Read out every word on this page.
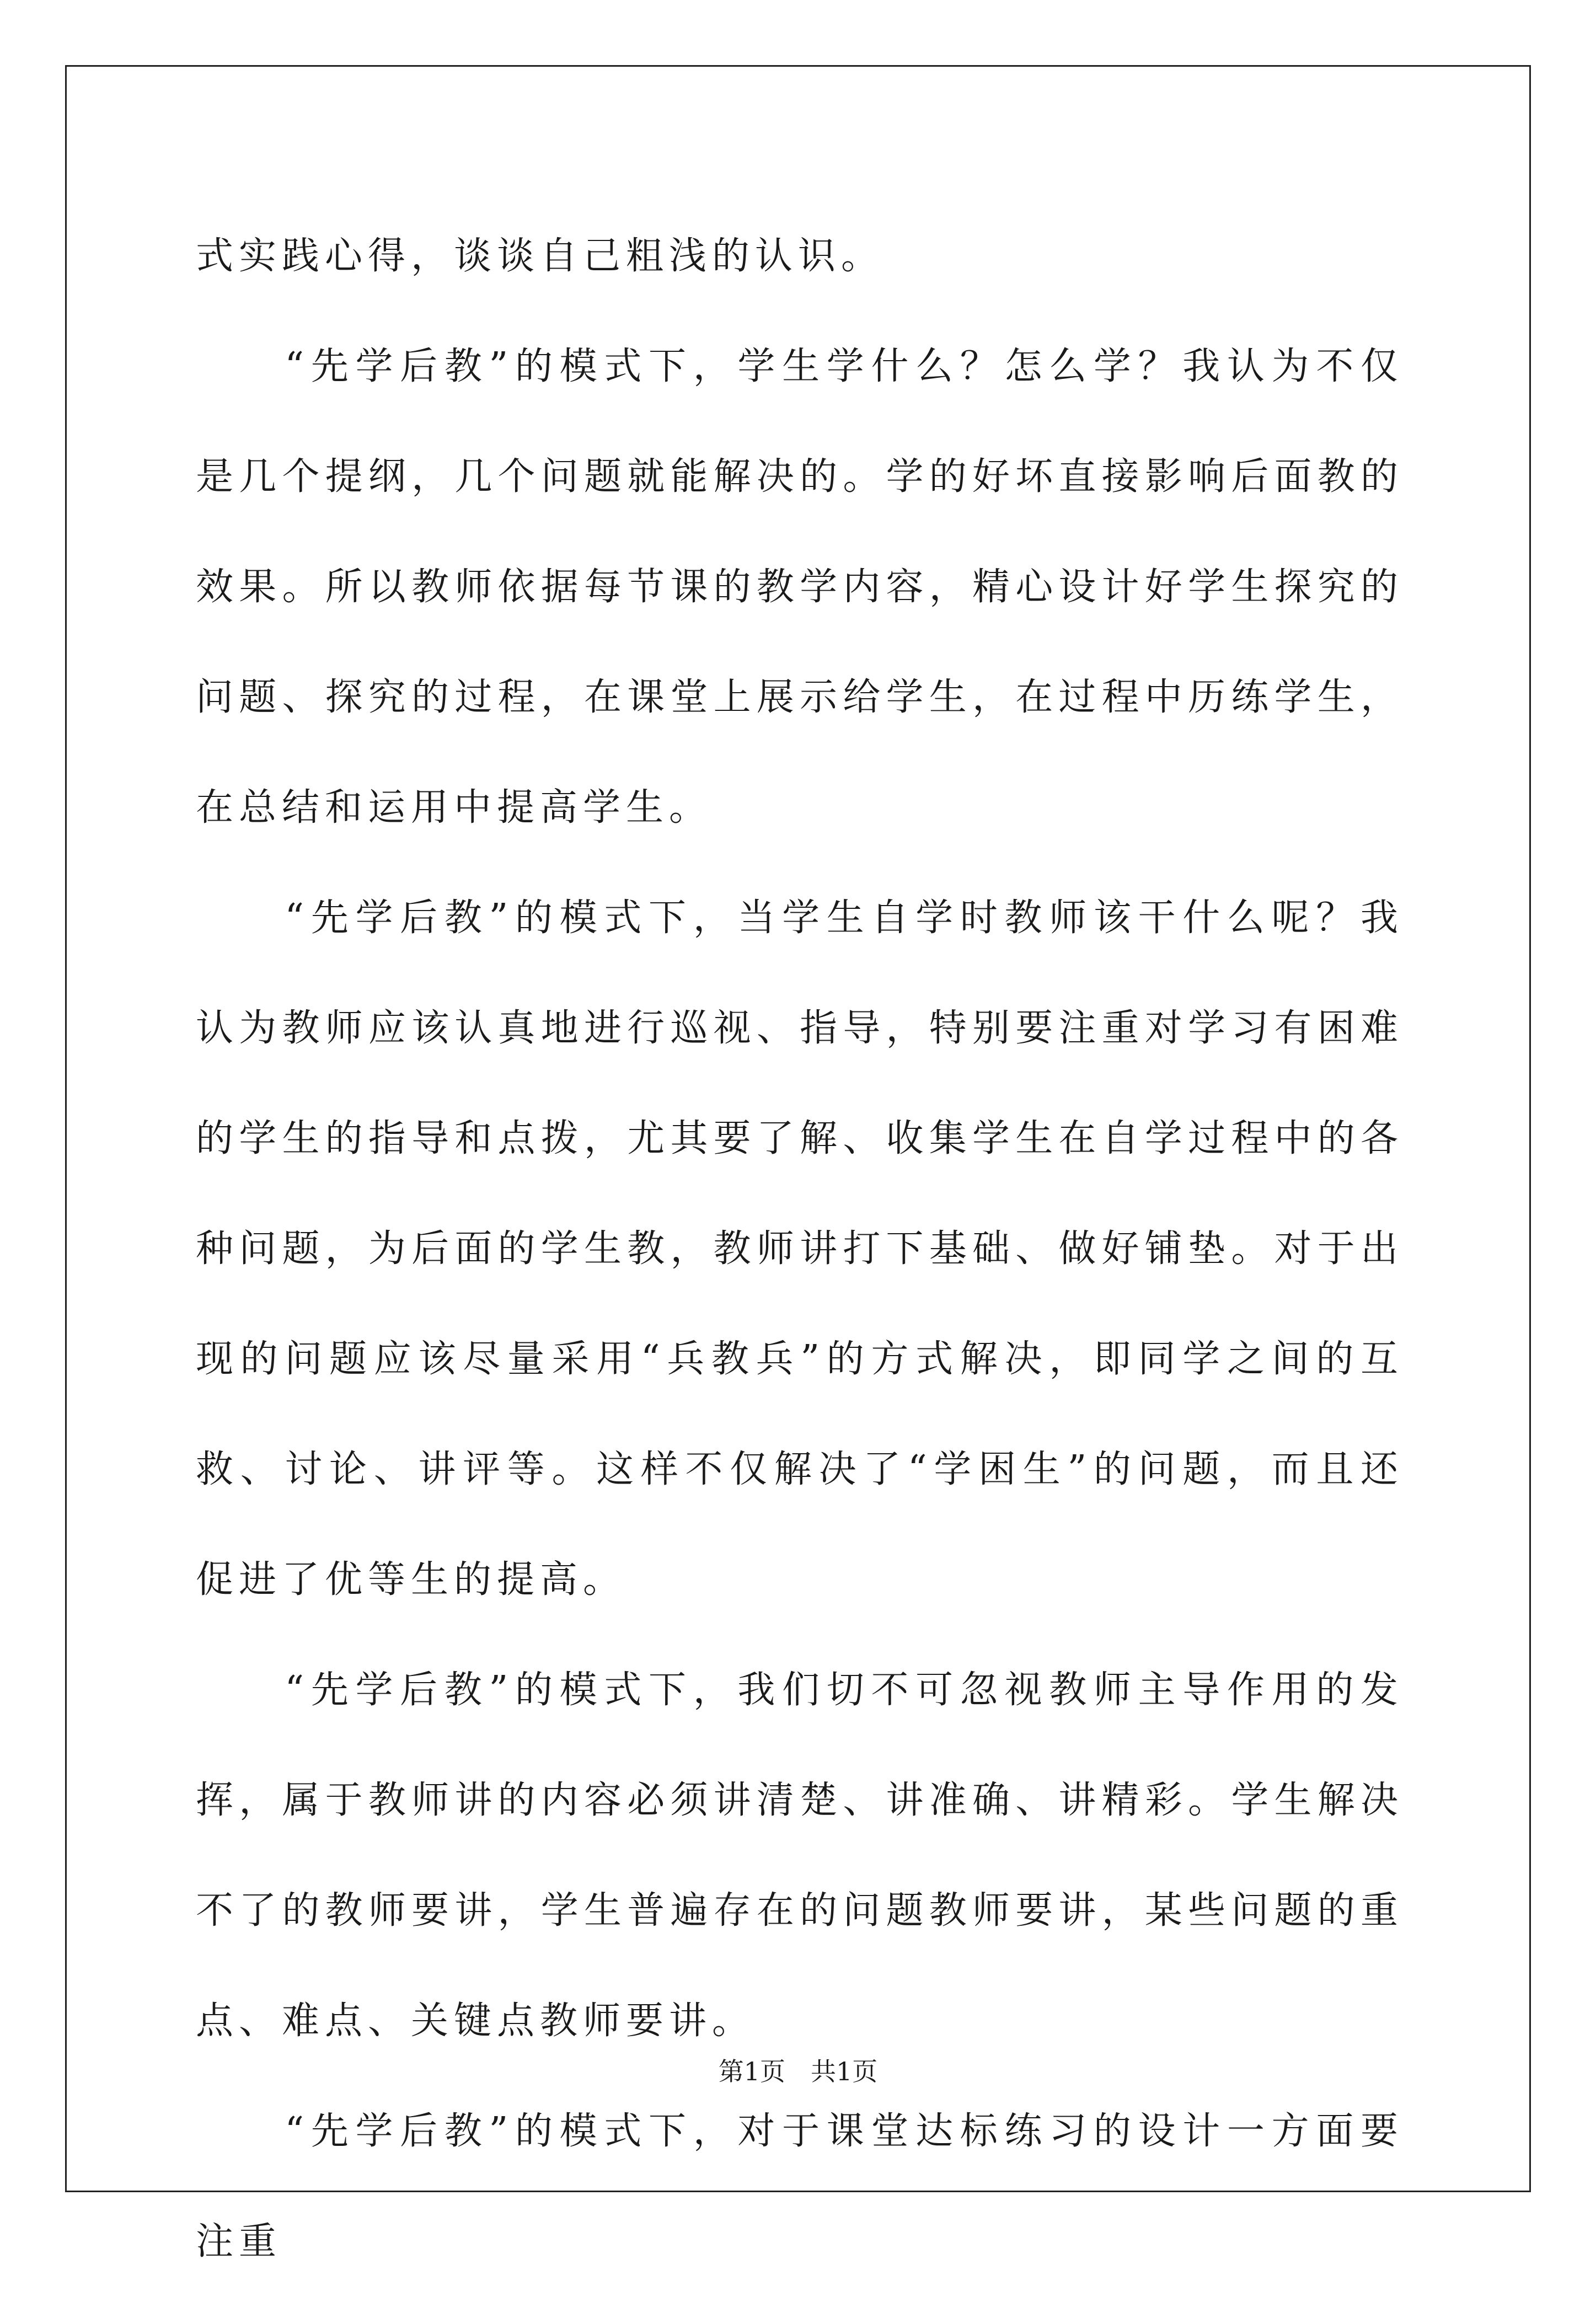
式实践心得，谈谈自己粗浅的认识。

　　“先学后教”的模式下，学生学什么？怎么学？我认为不仅是几个提纲，几个问题就能解决的。学的好坏直接影响后面教的效果。所以教师依据每节课的教学内容，精心设计好学生探究的问题、探究的过程，在课堂上展示给学生，在过程中历练学生，在总结和运用中提高学生。

　　“先学后教”的模式下，当学生自学时教师该干什么呢？我认为教师应该认真地进行巡视、指导，特别要注重对学习有困难的学生的指导和点拨，尤其要了解、收集学生在自学过程中的各种问题，为后面的学生教，教师讲打下基础、做好铺垫。对于出现的问题应该尽量采用“兵教兵”的方式解决，即同学之间的互救、讨论、讲评等。这样不仅解决了“学困生”的问题，而且还促进了优等生的提高。

　　“先学后教”的模式下，我们切不可忽视教师主导作用的发挥，属于教师讲的内容必须讲清楚、讲准确、讲精彩。学生解决不了的教师要讲，学生普遍存在的问题教师要讲，某些问题的重点、难点、关键点教师要讲。

　　“先学后教”的模式下，对于课堂达标练习的设计一方面要注重

第1页　共1页
